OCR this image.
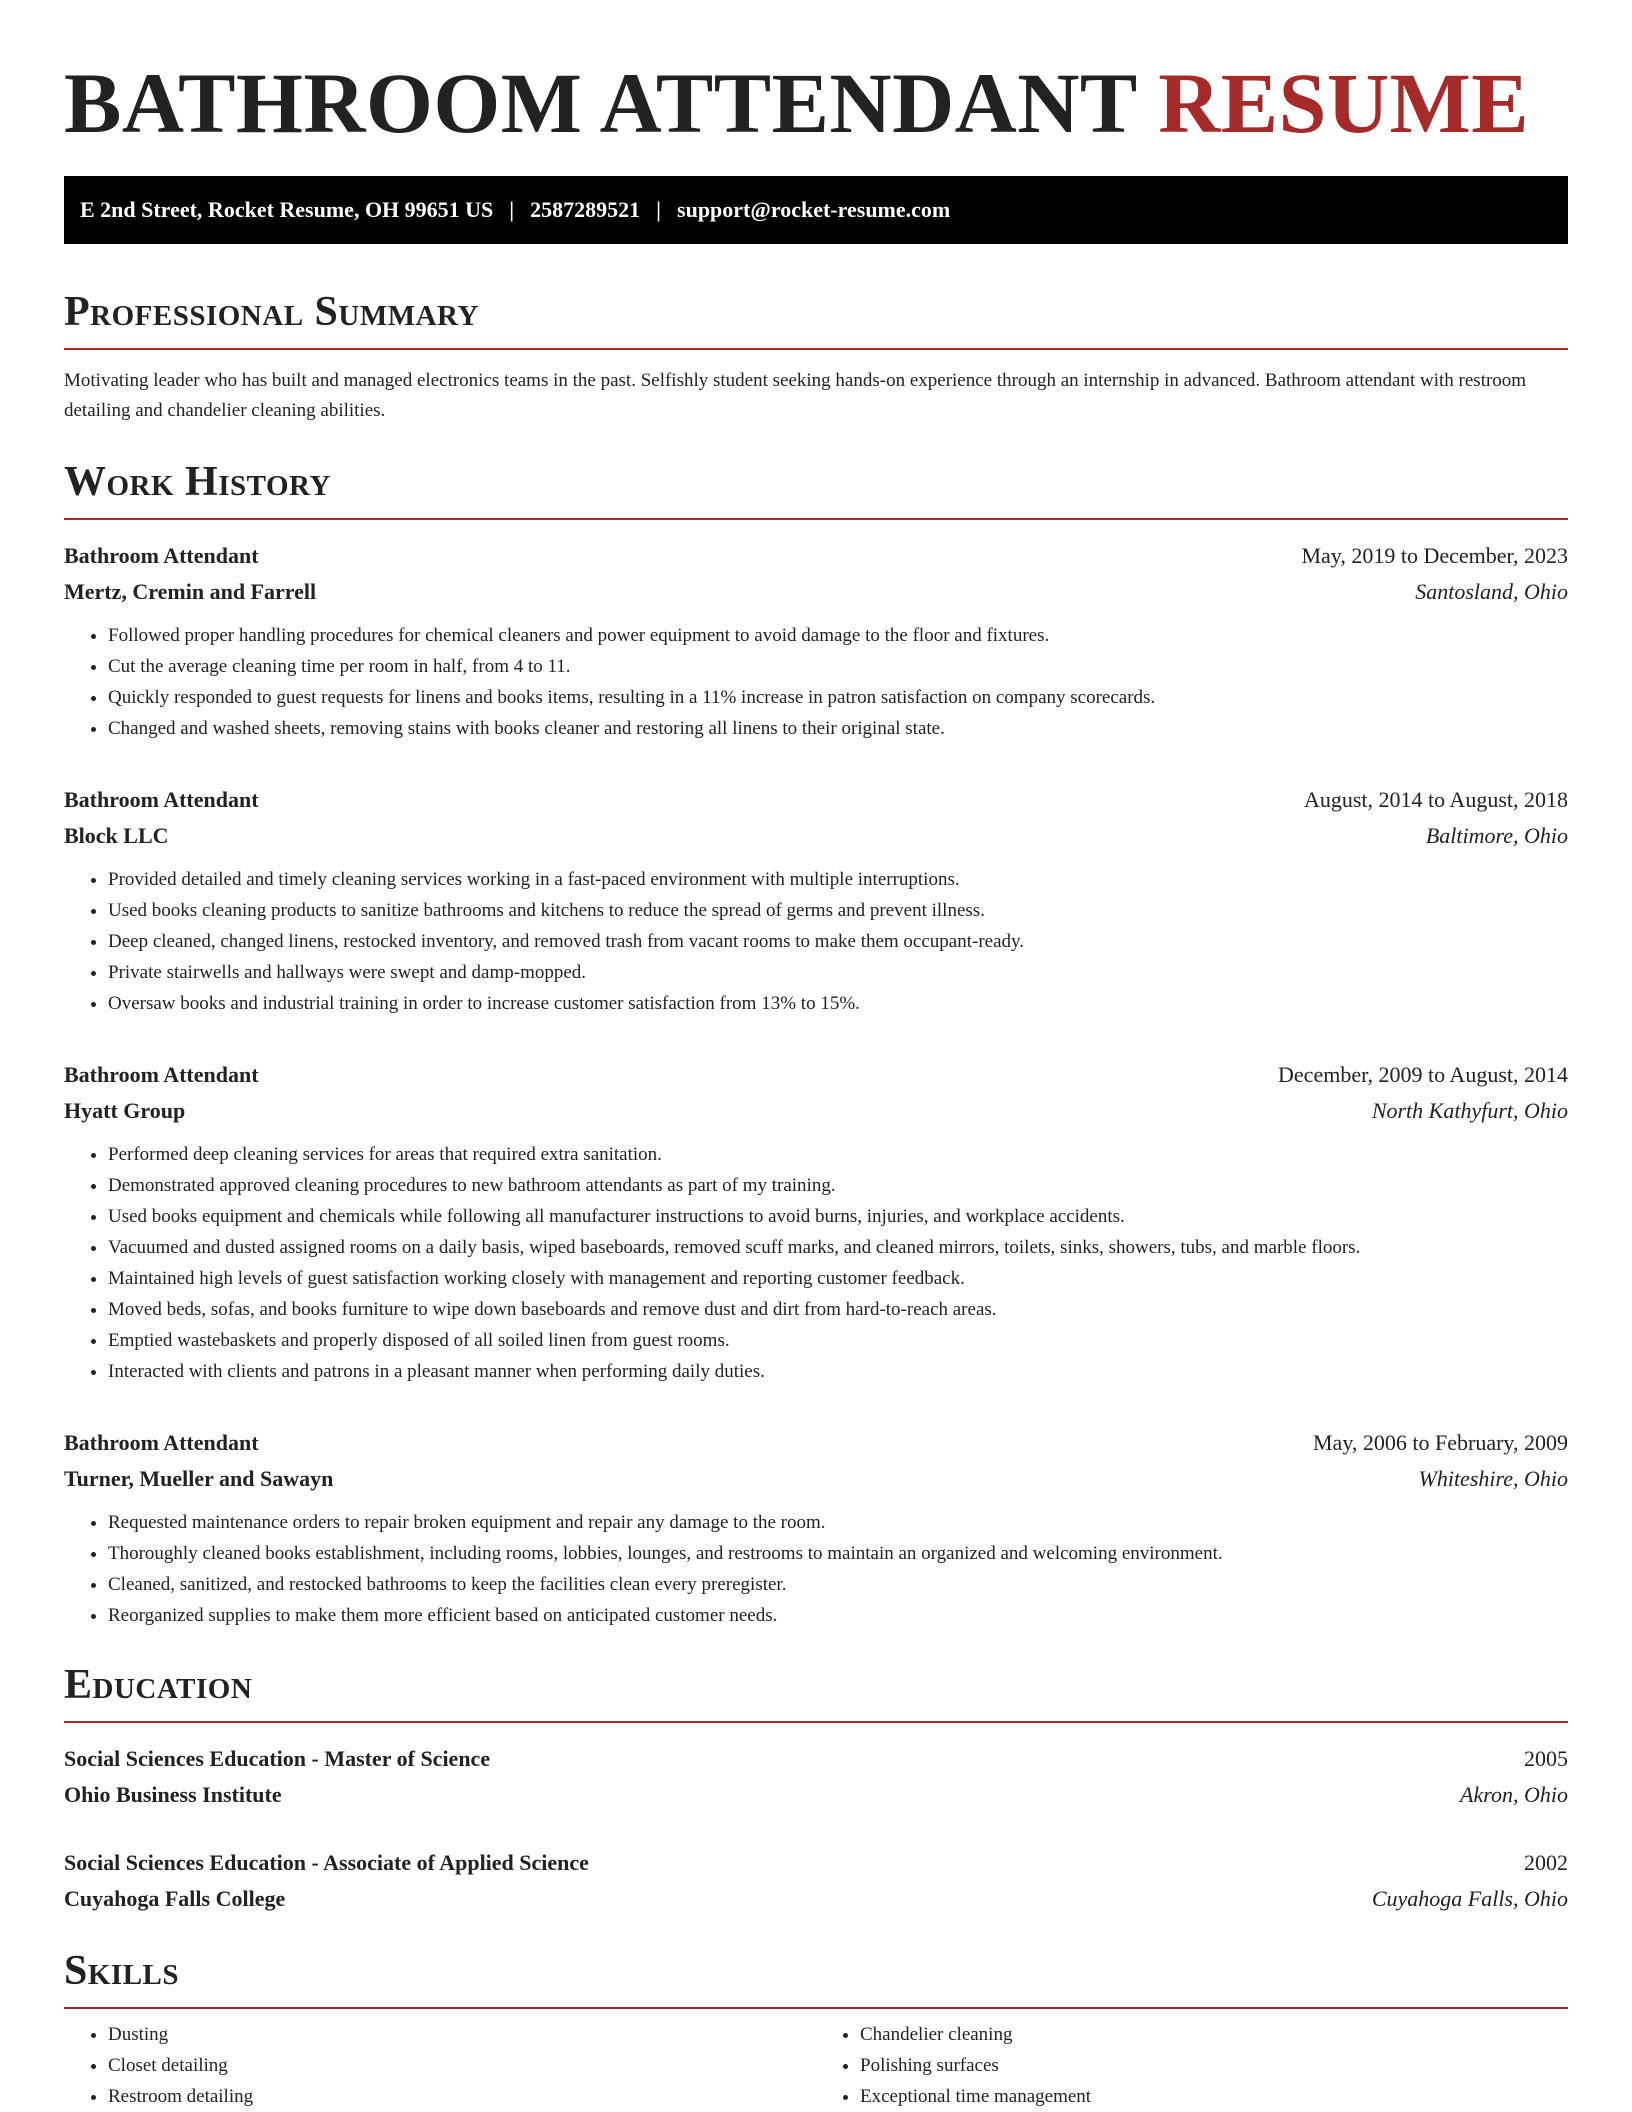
BATHROOM ATTENDANT RESUME
E 2nd Street, Rocket Resume, OH 99651 US | 2587289521 | support@rocket-resume.com
Professional Summary

Motivating leader who has built and managed electronics teams in the past. Selfishly student seeking hands-on experience through an internship in advanced. Bathroom attendant with restroom detailing and chandelier cleaning abilities.

Work History
Bathroom Attendant	May, 2019 to December, 2023
Mertz, Cremin and Farrell	Santosland, Ohio
• Followed proper handling procedures for chemical cleaners and power equipment to avoid damage to the floor and fixtures.
• Cut the average cleaning time per room in half, from 4 to 11.
• Quickly responded to guest requests for linens and books items, resulting in a 11% increase in patron satisfaction on company scorecards.
• Changed and washed sheets, removing stains with books cleaner and restoring all linens to their original state.
Bathroom Attendant	August, 2014 to August, 2018
Block LLC	Baltimore, Ohio
• Provided detailed and timely cleaning services working in a fast-paced environment with multiple interruptions.
• Used books cleaning products to sanitize bathrooms and kitchens to reduce the spread of germs and prevent illness.
• Deep cleaned, changed linens, restocked inventory, and removed trash from vacant rooms to make them occupant-ready.
• Private stairwells and hallways were swept and damp-mopped.
• Oversaw books and industrial training in order to increase customer satisfaction from 13% to 15%.
Bathroom Attendant	December, 2009 to August, 2014
Hyatt Group	North Kathyfurt, Ohio
• Performed deep cleaning services for areas that required extra sanitation.
• Demonstrated approved cleaning procedures to new bathroom attendants as part of my training.
• Used books equipment and chemicals while following all manufacturer instructions to avoid burns, injuries, and workplace accidents.
• Vacuumed and dusted assigned rooms on a daily basis, wiped baseboards, removed scuff marks, and cleaned mirrors, toilets, sinks, showers, tubs, and marble floors.
• Maintained high levels of guest satisfaction working closely with management and reporting customer feedback.
• Moved beds, sofas, and books furniture to wipe down baseboards and remove dust and dirt from hard-to-reach areas.
• Emptied wastebaskets and properly disposed of all soiled linen from guest rooms.
• Interacted with clients and patrons in a pleasant manner when performing daily duties.
Bathroom Attendant	May, 2006 to February, 2009
Turner, Mueller and Sawayn	Whiteshire, Ohio
• Requested maintenance orders to repair broken equipment and repair any damage to the room.
• Thoroughly cleaned books establishment, including rooms, lobbies, lounges, and restrooms to maintain an organized and welcoming environment.
• Cleaned, sanitized, and restocked bathrooms to keep the facilities clean every preregister.
• Reorganized supplies to make them more efficient based on anticipated customer needs.
Education
Social Sciences Education - Master of Science	2005
Ohio Business Institute	Akron, Ohio
Social Sciences Education - Associate of Applied Science	2002
Cuyahoga Falls College	Cuyahoga Falls, Ohio
Skills
• Dusting
• Closet detailing
• Restroom detailing
• Chandelier cleaning
• Polishing surfaces
• Exceptional time management
